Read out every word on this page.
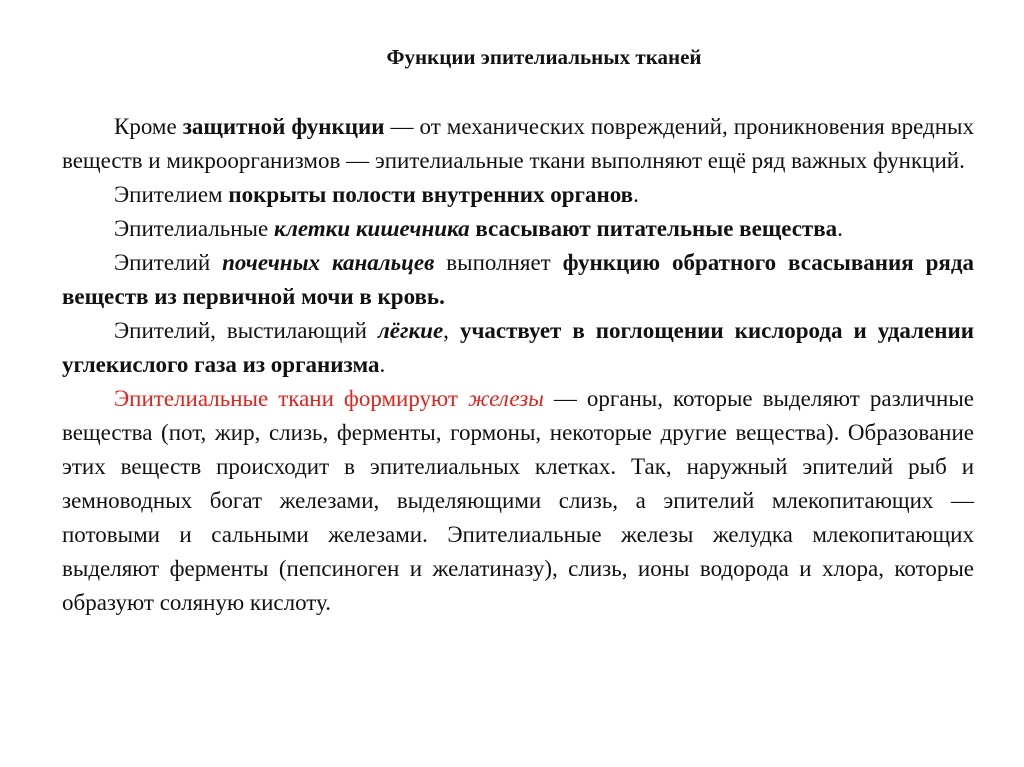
Функции эпителиальных тканей

Кроме защитной функции — от механических повреждений, проникновения вредных веществ и микроорганизмов — эпителиальные ткани выполняют ещё ряд важных функций.

Эпителием покрыты полости внутренних органов.

Эпителиальные клетки кишечника всасывают питательные вещества.

Эпителий почечных канальцев выполняет функцию обратного всасывания ряда веществ из первичной мочи в кровь.

Эпителий, выстилающий лёгкие, участвует в поглощении кислорода и удалении углекислого газа из организма.

Эпителиальные ткани формируют железы — органы, которые выделяют различные вещества (пот, жир, слизь, ферменты, гормоны, некоторые другие вещества). Образование этих веществ происходит в эпителиальных клетках. Так, наружный эпителий рыб и земноводных богат железами, выделяющими слизь, а эпителий млекопитающих — потовыми и сальными железами. Эпителиальные железы желудка млекопитающих выделяют ферменты (пепсиноген и желатиназу), слизь, ионы водорода и хлора, которые образуют соляную кислоту.
